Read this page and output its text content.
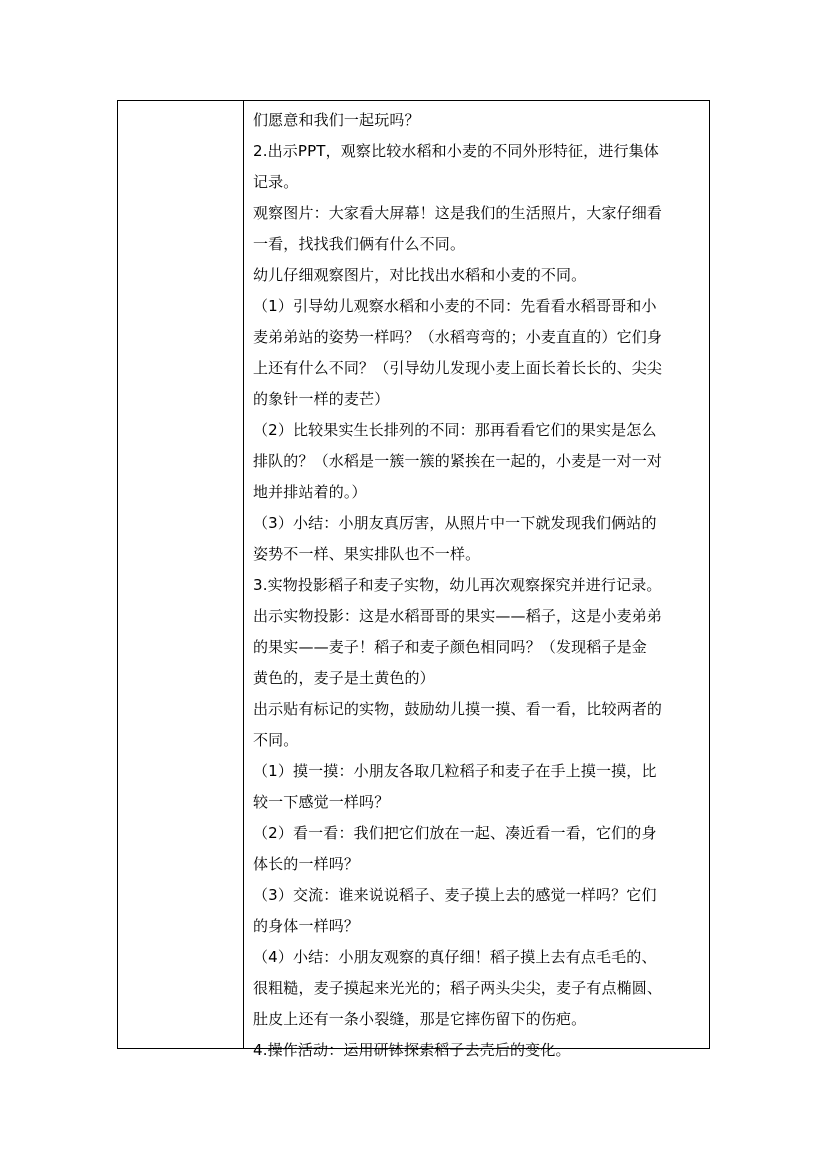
们愿意和我们一起玩吗？
2.出示PPT，观察比较水稻和小麦的不同外形特征，进行集体
记录。
观察图片：大家看大屏幕！这是我们的生活照片，大家仔细看
一看，找找我们俩有什么不同。
幼儿仔细观察图片，对比找出水稻和小麦的不同。
（1）引导幼儿观察水稻和小麦的不同：先看看水稻哥哥和小
麦弟弟站的姿势一样吗？（水稻弯弯的；小麦直直的）它们身
上还有什么不同？（引导幼儿发现小麦上面长着长长的、尖尖
的象针一样的麦芒）
（2）比较果实生长排列的不同：那再看看它们的果实是怎么
排队的？（水稻是一簇一簇的紧挨在一起的，小麦是一对一对
地并排站着的。）
（3）小结：小朋友真厉害，从照片中一下就发现我们俩站的
姿势不一样、果实排队也不一样。
3.实物投影稻子和麦子实物，幼儿再次观察探究并进行记录。
出示实物投影：这是水稻哥哥的果实——稻子，这是小麦弟弟
的果实——麦子！稻子和麦子颜色相同吗？（发现稻子是金
黄色的，麦子是土黄色的）
出示贴有标记的实物，鼓励幼儿摸一摸、看一看，比较两者的
不同。
（1）摸一摸：小朋友各取几粒稻子和麦子在手上摸一摸，比
较一下感觉一样吗？
（2）看一看：我们把它们放在一起、凑近看一看，它们的身
体长的一样吗？
（3）交流：谁来说说稻子、麦子摸上去的感觉一样吗？它们
的身体一样吗？
（4）小结：小朋友观察的真仔细！稻子摸上去有点毛毛的、
很粗糙，麦子摸起来光光的；稻子两头尖尖，麦子有点椭圆、
肚皮上还有一条小裂缝，那是它摔伤留下的伤疤。
4.操作活动：运用研钵探索稻子去壳后的变化。
